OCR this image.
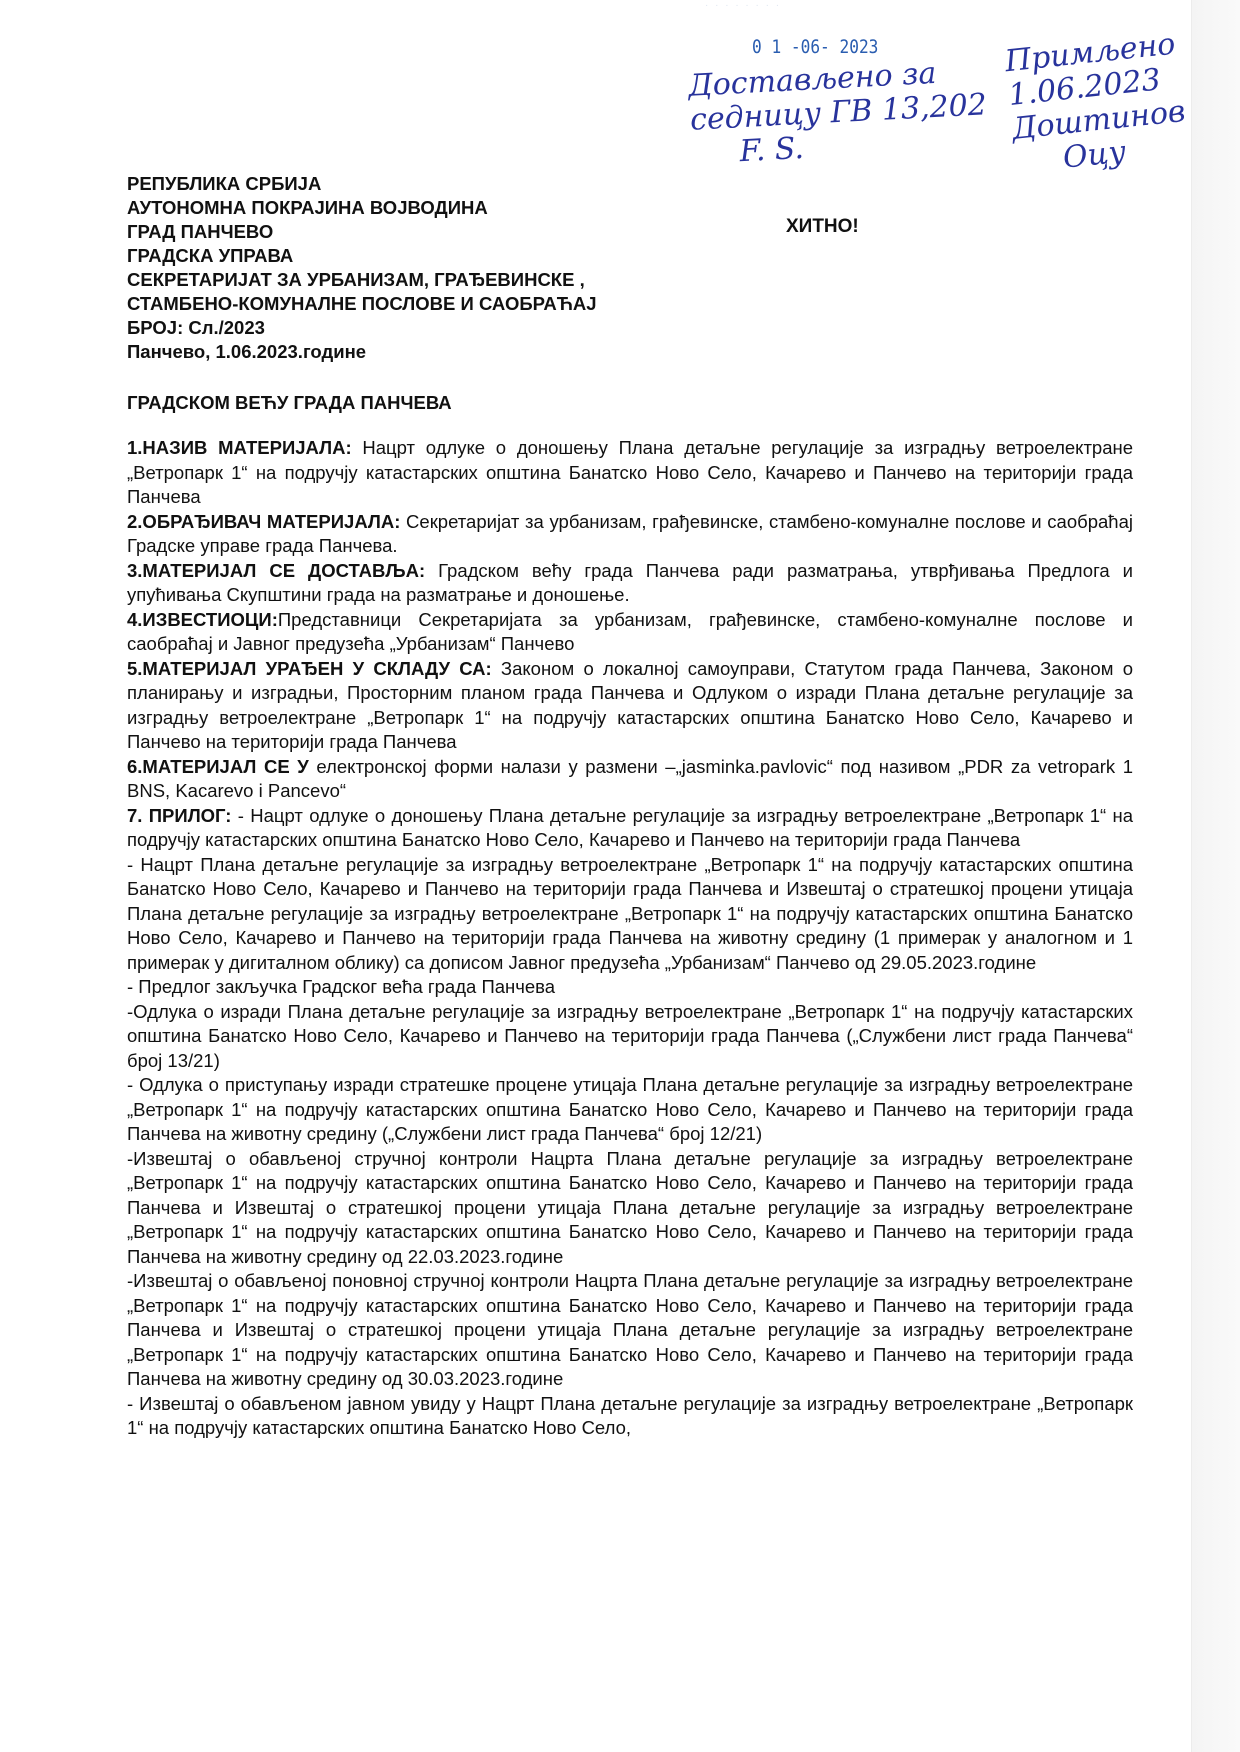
· · · · · · · ·
0 1 -06- 2023
Достављено за
седницу ГВ 13,202
F. S.
Примљено
1.06.2023
Доштинов
Оцу
ХИТНО!
РЕПУБЛИКА СРБИЈА
АУТОНОМНА ПОКРАЈИНА ВОЈВОДИНА
ГРАД ПАНЧЕВО
ГРАДСКА УПРАВА
СЕКРЕТАРИЈАТ ЗА УРБАНИЗАМ, ГРАЂЕВИНСКЕ ,
СТАМБЕНО-КОМУНАЛНЕ ПОСЛОВЕ И САОБРАЋАЈ
БРОЈ: Сл./2023
Панчево, 1.06.2023.године
ГРАДСКОМ ВЕЋУ ГРАДА ПАНЧЕВА

1.НАЗИВ МАТЕРИЈАЛА: Нацрт одлуке о доношењу Плана детаљне регулације за изградњу ветроелектране „Ветропарк 1“ на подручју катастарских општина Банатско Ново Село, Качарево и Панчево на територији града Панчева

2.ОБРАЂИВАЧ МАТЕРИЈАЛА: Секретаријат за урбанизам, грађевинске, стамбено-комуналне послове и саобраћај Градске управе града Панчева.

3.МАТЕРИЈАЛ СЕ ДОСТАВЉА: Градском већу града Панчева ради разматрања, утврђивања Предлога и упућивања Скупштини града на разматрање и доношење.

4.ИЗВЕСТИОЦИ:Представници Секретаријата за урбанизам, грађевинске, стамбено-комуналне послове и саобраћај и Јавног предузећа „Урбанизам“ Панчево

5.МАТЕРИЈАЛ УРАЂЕН У СКЛАДУ СА: Законом о локалној самоуправи, Статутом града Панчева, Законом о планирању и изградњи, Просторним планом града Панчева и Одлуком о изради Плана детаљне регулације за изградњу ветроелектране „Ветропарк 1“ на подручју катастарских општина Банатско Ново Село, Качарево и Панчево на територији града Панчева

6.МАТЕРИЈАЛ СЕ У електронској форми налази у размени –„jasminka.pavlovic“ под називом „PDR za vetropark 1 BNS, Kacarevo i Pancevo“

7. ПРИЛОГ: - Нацрт одлуке о доношењу Плана детаљне регулације за изградњу ветроелектране „Ветропарк 1“ на подручју катастарских општина Банатско Ново Село, Качарево и Панчево на територији града Панчева

- Нацрт Плана детаљне регулације за изградњу ветроелектране „Ветропарк 1“ на подручју катастарских општина Банатско Ново Село, Качарево и Панчево на територији града Панчева и Извештај о стратешкој процени утицаја Плана детаљне регулације за изградњу ветроелектране „Ветропарк 1“ на подручју катастарских општина Банатско Ново Село, Качарево и Панчево на територији града Панчева на животну средину (1 примерак у аналогном и 1 примерак у дигиталном облику) са дописом Јавног предузећа „Урбанизам“ Панчево од 29.05.2023.године

- Предлог закључка Градског већа града Панчева

-Одлука о изради Плана детаљне регулације за изградњу ветроелектране „Ветропарк 1“ на подручју катастарских општина Банатско Ново Село, Качарево и Панчево на територији града Панчева („Службени лист града Панчева“ број 13/21)

- Одлука о приступању изради стратешке процене утицаја Плана детаљне регулације за изградњу ветроелектране „Ветропарк 1“ на подручју катастарских општина Банатско Ново Село, Качарево и Панчево на територији града Панчева на животну средину („Службени лист града Панчева“ број 12/21)

-Извештај о обављеној стручној контроли Нацрта Плана детаљне регулације за изградњу ветроелектране „Ветропарк 1“ на подручју катастарских општина Банатско Ново Село, Качарево и Панчево на територији града Панчева и Извештај о стратешкој процени утицаја Плана детаљне регулације за изградњу ветроелектране „Ветропарк 1“ на подручју катастарских општина Банатско Ново Село, Качарево и Панчево на територији града Панчева на животну средину од 22.03.2023.године

-Извештај о обављеној поновној стручној контроли Нацрта Плана детаљне регулације за изградњу ветроелектране „Ветропарк 1“ на подручју катастарских општина Банатско Ново Село, Качарево и Панчево на територији града Панчева и Извештај о стратешкој процени утицаја Плана детаљне регулације за изградњу ветроелектране „Ветропарк 1“ на подручју катастарских општина Банатско Ново Село, Качарево и Панчево на територији града Панчева на животну средину од 30.03.2023.године

- Извештај о обављеном јавном увиду у Нацрт Плана детаљне регулације за изградњу ветроелектране „Ветропарк 1“ на подручју катастарских општина Банатско Ново Село,
